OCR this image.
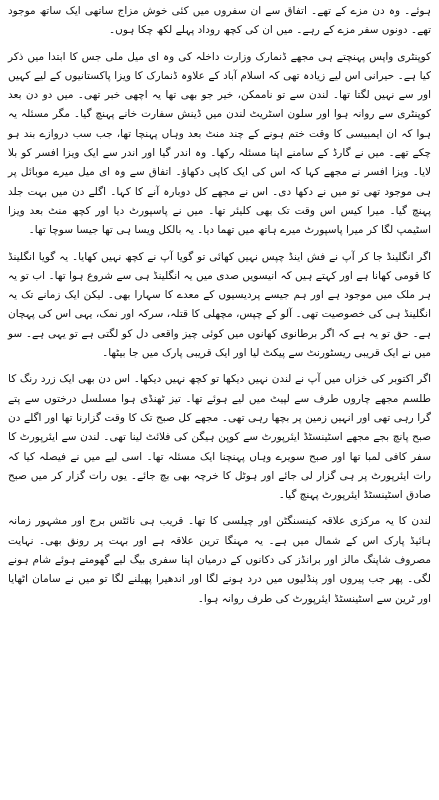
ہوئے۔ وہ دن مزے کے تھے۔ اتفاق سے ان سفروں میں کئی خوش مزاج ساتھی ایک ساتھ موجود تھے۔ دونوں سفر مزے کے رہے۔ میں ان کی کچھ روداد پہلے لکھ چکا ہوں۔

کوپنٹری واپس پہنچتے ہی مجھے ڈنمارک وزارت داخلہ کی وہ ای میل ملی جس کا ابتدا میں ذکر کیا ہے۔ حیرانی اس لیے زیادہ تھی کہ اسلام آباد کے علاوہ ڈنمارک کا ویزا پاکستانیوں کے لیے کہیں اور سے نہیں لگتا تھا۔ لندن سے تو ناممکن، خیر جو بھی تھا یہ اچھی خبر تھی۔ میں دو دن بعد کوپنٹری سے روانہ ہوا اور سلون اسٹریٹ لندن میں ڈینش سفارت خانے پہنچ گیا۔ مگر مسئلہ یہ ہوا کہ ان ایمبیسی کا وقت ختم ہونے کے چند منٹ بعد وہاں پہنچا تھا، جب سب دروازے بند ہو چکے تھے۔ میں نے گارڈ کے سامنے اپنا مسئلہ رکھا۔ وہ اندر گیا اور اندر سے ایک ویزا افسر کو بلا لایا۔ ویزا افسر نے مجھے کہا کہ اس کی ایک کاپی دکھاؤ۔ اتفاق سے وہ ای میل میرے موبائل پر ہی موجود تھی تو میں نے دکھا دی۔ اس نے مجھے کل دوبارہ آنے کا کہا۔ اگلے دن میں بہت جلد پہنچ گیا۔ میرا کیس اس وقت تک بھی کلیئر تھا۔ میں نے پاسپورٹ دیا اور کچھ منٹ بعد ویزا اسٹیمپ لگا کر میرا پاسپورٹ میرے ہاتھ میں تھما دیا۔ یہ بالکل ویسا ہی تھا جیسا سوچا تھا۔

اگر انگلینڈ جا کر آپ نے فش اینڈ چپس نہیں کھائی تو گویا آپ نے کچھ نہیں کھایا۔ یہ گویا انگلینڈ کا قومی کھانا ہے اور کہتے ہیں کہ انیسویں صدی میں یہ انگلینڈ ہی سے شروع ہوا تھا۔ اب تو یہ ہر ملک میں موجود ہے اور ہم جیسے پردیسیوں کے معدے کا سہارا بھی۔ لیکن ایک زمانے تک یہ انگلینڈ ہی کی خصوصیت تھی۔ آلو کے چپس، مچھلی کا قتلہ، سرکہ اور نمک، یہی اس کی پہچان ہے۔ حق تو یہ ہے کہ اگر برطانوی کھانوں میں کوئی چیز واقعی دل کو لگتی ہے تو یہی ہے۔ سو میں نے ایک قریبی ریسٹورنٹ سے پیکٹ لیا اور ایک قریبی پارک میں جا بیٹھا۔

اگر اکتوبر کی خزاں میں آپ نے لندن نہیں دیکھا تو کچھ نہیں دیکھا۔ اس دن بھی ایک زرد رنگ کا طلسم مجھے چاروں طرف سے لپیٹ میں لیے ہوئے تھا۔ تیز ٹھنڈی ہوا مسلسل درختوں سے پتے گرا رہی تھی اور انہیں زمین پر بچھا رہی تھی۔ مجھے کل صبح تک کا وقت گزارنا تھا اور اگلے دن صبح پانچ بجے مجھے اسٹینسٹڈ ایئرپورٹ سے کوپن ہیگن کی فلائٹ لینا تھی۔ لندن سے ایئرپورٹ کا سفر کافی لمبا تھا اور صبح سویرے وہاں پہنچنا ایک مسئلہ تھا۔ اسی لیے میں نے فیصلہ کیا کہ رات ایئرپورٹ پر ہی گزار لی جائے اور ہوٹل کا خرچہ بھی بچ جائے۔ یوں رات گزار کر میں صبح صادق اسٹینسٹڈ ایئرپورٹ پہنچ گیا۔

لندن کا یہ مرکزی علاقہ کینسنگٹن اور چیلسی کا تھا۔ قریب ہی نائٹس برج اور مشہور زمانہ ہائیڈ پارک اس کے شمال میں ہے۔ یہ مہنگا ترین علاقہ ہے اور بہت پر رونق بھی۔ نہایت مصروف شاپنگ مالز اور برانڈز کی دکانوں کے درمیان اپنا سفری بیگ لیے گھومتے ہوئے شام ہونے لگی۔ پھر جب پیروں اور پنڈلیوں میں درد ہونے لگا اور اندھیرا پھیلنے لگا تو میں نے سامان اٹھایا اور ٹرین سے اسٹینسٹڈ ایئرپورٹ کی طرف روانہ ہوا۔
